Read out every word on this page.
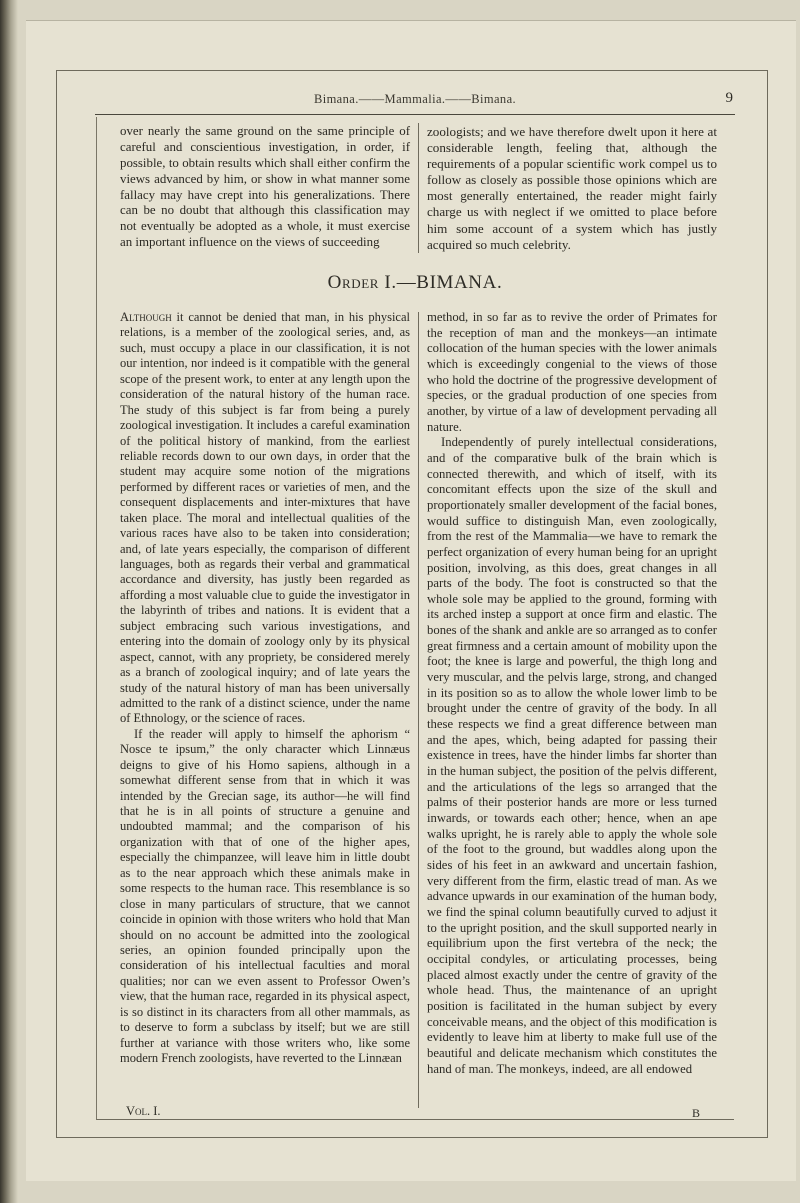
Bimana.——Mammalia.——Bimana.	9

over nearly the same ground on the same principle of careful and conscientious investigation, in order, if possible, to obtain results which shall either confirm the views advanced by him, or show in what manner some fallacy may have crept into his generalizations. There can be no doubt that although this classification may not eventually be adopted as a whole, it must exercise an important influence on the views of succeeding

zoologists; and we have therefore dwelt upon it here at considerable length, feeling that, although the requirements of a popular scientific work compel us to follow as closely as possible those opinions which are most generally entertained, the reader might fairly charge us with neglect if we omitted to place before him some account of a system which has justly acquired so much celebrity.

Order I.—BIMANA.

Although it cannot be denied that man, in his physical relations, is a member of the zoological series, and, as such, must occupy a place in our classification, it is not our intention, nor indeed is it compatible with the general scope of the present work, to enter at any length upon the consideration of the natural history of the human race. The study of this subject is far from being a purely zoological investigation. It includes a careful examination of the political history of mankind, from the earliest reliable records down to our own days, in order that the student may acquire some notion of the migrations performed by different races or varieties of men, and the consequent displacements and inter-mixtures that have taken place. The moral and intellectual qualities of the various races have also to be taken into consideration; and, of late years especially, the comparison of different languages, both as regards their verbal and grammatical accordance and diversity, has justly been regarded as affording a most valuable clue to guide the investigator in the labyrinth of tribes and nations. It is evident that a subject embracing such various investigations, and entering into the domain of zoology only by its physical aspect, cannot, with any propriety, be considered merely as a branch of zoological inquiry; and of late years the study of the natural history of man has been universally admitted to the rank of a distinct science, under the name of Ethnology, or the science of races.

If the reader will apply to himself the aphorism “ Nosce te ipsum,” the only character which Linnæus deigns to give of his Homo sapiens, although in a somewhat different sense from that in which it was intended by the Grecian sage, its author—he will find that he is in all points of structure a genuine and undoubted mammal; and the comparison of his organization with that of one of the higher apes, especially the chimpanzee, will leave him in little doubt as to the near approach which these animals make in some respects to the human race. This resemblance is so close in many particulars of structure, that we cannot coincide in opinion with those writers who hold that Man should on no account be admitted into the zoological series, an opinion founded principally upon the consideration of his intellectual faculties and moral qualities; nor can we even assent to Professor Owen’s view, that the human race, regarded in its physical aspect, is so distinct in its characters from all other mammals, as to deserve to form a subclass by itself; but we are still further at variance with those writers who, like some modern French zoologists, have reverted to the Linnæan

method, in so far as to revive the order of Primates for the reception of man and the monkeys—an intimate collocation of the human species with the lower animals which is exceedingly congenial to the views of those who hold the doctrine of the progressive development of species, or the gradual production of one species from another, by virtue of a law of development pervading all nature.

Independently of purely intellectual considerations, and of the comparative bulk of the brain which is connected therewith, and which of itself, with its concomitant effects upon the size of the skull and proportionately smaller development of the facial bones, would suffice to distinguish Man, even zoologically, from the rest of the Mammalia—we have to remark the perfect organization of every human being for an upright position, involving, as this does, great changes in all parts of the body. The foot is constructed so that the whole sole may be applied to the ground, forming with its arched instep a support at once firm and elastic. The bones of the shank and ankle are so arranged as to confer great firmness and a certain amount of mobility upon the foot; the knee is large and powerful, the thigh long and very muscular, and the pelvis large, strong, and changed in its position so as to allow the whole lower limb to be brought under the centre of gravity of the body. In all these respects we find a great difference between man and the apes, which, being adapted for passing their existence in trees, have the hinder limbs far shorter than in the human subject, the position of the pelvis different, and the articulations of the legs so arranged that the palms of their posterior hands are more or less turned inwards, or towards each other; hence, when an ape walks upright, he is rarely able to apply the whole sole of the foot to the ground, but waddles along upon the sides of his feet in an awkward and uncertain fashion, very different from the firm, elastic tread of man. As we advance upwards in our examination of the human body, we find the spinal column beautifully curved to adjust it to the upright position, and the skull supported nearly in equilibrium upon the first vertebra of the neck; the occipital condyles, or articulating processes, being placed almost exactly under the centre of gravity of the whole head. Thus, the maintenance of an upright position is facilitated in the human subject by every conceivable means, and the object of this modification is evidently to leave him at liberty to make full use of the beautiful and delicate mechanism which constitutes the hand of man. The monkeys, indeed, are all endowed

Vol. I.	B
